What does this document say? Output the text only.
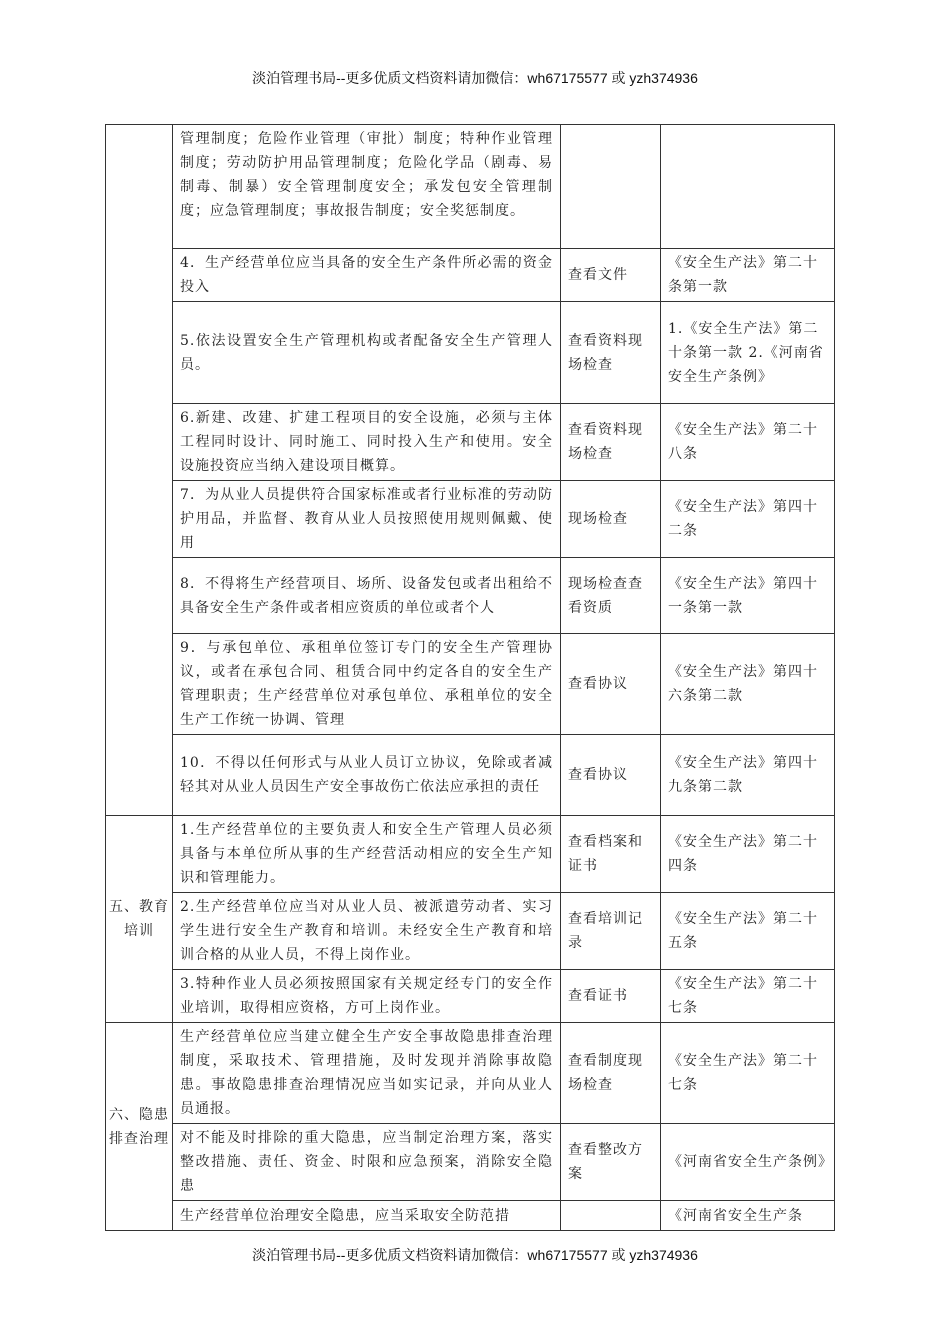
淡泊管理书局--更多优质文档资料请加微信：wh67175577 或 yzh374936
	管理制度；危险作业管理（审批）制度；特种作业管理制度；劳动防护用品管理制度；危险化学品（剧毒、易制毒、制暴）安全管理制度安全；承发包安全管理制度；应急管理制度；事故报告制度；安全奖惩制度。		
	4．生产经营单位应当具备的安全生产条件所必需的资金投入	查看文件	《安全生产法》第二十条第一款
	5.依法设置安全生产管理机构或者配备安全生产管理人员。	查看资料现场检查	1.《安全生产法》第二十条第一款 2.《河南省安全生产条例》
	6.新建、改建、扩建工程项目的安全设施，必须与主体工程同时设计、同时施工、同时投入生产和使用。安全设施投资应当纳入建设项目概算。	查看资料现场检查	《安全生产法》第二十八条
	7．为从业人员提供符合国家标准或者行业标准的劳动防护用品，并监督、教育从业人员按照使用规则佩戴、使用	现场检查	《安全生产法》第四十二条
	8．不得将生产经营项目、场所、设备发包或者出租给不具备安全生产条件或者相应资质的单位或者个人	现场检查查看资质	《安全生产法》第四十一条第一款
	9．与承包单位、承租单位签订专门的安全生产管理协议，或者在承包合同、租赁合同中约定各自的安全生产管理职责；生产经营单位对承包单位、承租单位的安全生产工作统一协调、管理	查看协议	《安全生产法》第四十六条第二款
	10．不得以任何形式与从业人员订立协议，免除或者减轻其对从业人员因生产安全事故伤亡依法应承担的责任	查看协议	《安全生产法》第四十九条第二款
五、教育培训	1.生产经营单位的主要负责人和安全生产管理人员必须具备与本单位所从事的生产经营活动相应的安全生产知识和管理能力。	查看档案和证书	《安全生产法》第二十四条
	2.生产经营单位应当对从业人员、被派遣劳动者、实习学生进行安全生产教育和培训。未经安全生产教育和培训合格的从业人员，不得上岗作业。	查看培训记录	《安全生产法》第二十五条
	3.特种作业人员必须按照国家有关规定经专门的安全作业培训，取得相应资格，方可上岗作业。	查看证书	《安全生产法》第二十七条
六、隐患排查治理	生产经营单位应当建立健全生产安全事故隐患排查治理制度，采取技术、管理措施，及时发现并消除事故隐患。事故隐患排查治理情况应当如实记录，并向从业人员通报。	查看制度现场检查	《安全生产法》第二十七条
	对不能及时排除的重大隐患，应当制定治理方案，落实整改措施、责任、资金、时限和应急预案，消除安全隐患	查看整改方案	《河南省安全生产条例》
	生产经营单位治理安全隐患，应当采取安全防范措		《河南省安全生产条
淡泊管理书局--更多优质文档资料请加微信：wh67175577 或 yzh374936
